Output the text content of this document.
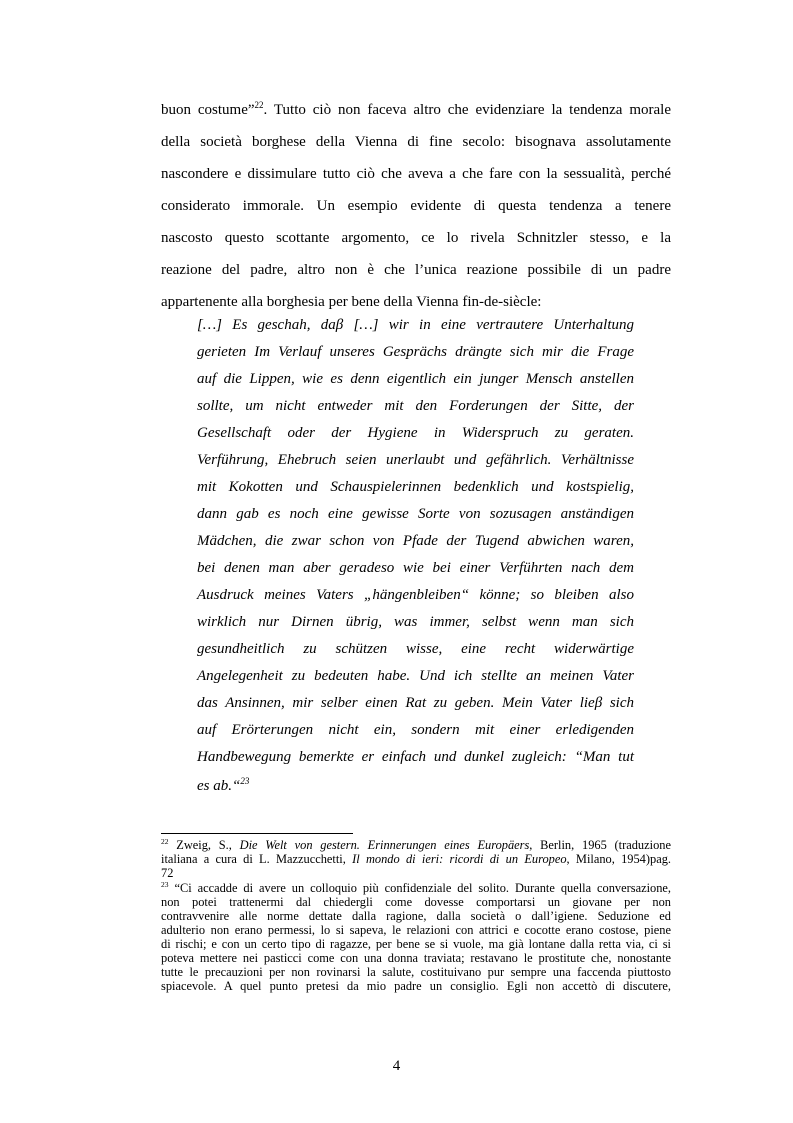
buon costume”$^{22}$. Tutto ciò non faceva altro che evidenziare la tendenza morale
della società borghese della Vienna di fine secolo: bisognava assolutamente
nascondere e dissimulare tutto ciò che aveva a che fare con la sessualità, perché
considerato immorale. Un esempio evidente di questa tendenza a tenere
nascosto questo scottante argomento, ce lo rivela Schnitzler stesso, e la
reazione del padre, altro non è che l’unica reazione possibile di un padre
appartenente alla borghesia per bene della Vienna fin-de-siècle:
[…] Es geschah, daβ […] wir in eine vertrautere Unterhaltung
gerieten Im Verlauf unseres Gesprächs drängte sich mir die Frage
auf die Lippen, wie es denn eigentlich ein junger Mensch anstellen
sollte, um nicht entweder mit den Forderungen der Sitte, der
Gesellschaft oder der Hygiene in Widerspruch zu geraten.
Verführung, Ehebruch seien unerlaubt und gefährlich. Verhältnisse
mit Kokotten und Schauspielerinnen bedenklich und kostspielig,
dann gab es noch eine gewisse Sorte von sozusagen anständigen
Mädchen, die zwar schon von Pfade der Tugend abwichen waren,
bei denen man aber geradeso wie bei einer Verführten nach dem
Ausdruck meines Vaters „hängenbleiben“ könne; so bleiben also
wirklich nur Dirnen übrig, was immer, selbst wenn man sich
gesundheitlich zu schützen wisse, eine recht widerwärtige
Angelegenheit zu bedeuten habe. Und ich stellte an meinen Vater
das Ansinnen, mir selber einen Rat zu geben. Mein Vater lieβ sich
auf Erörterungen nicht ein, sondern mit einer erledigenden
Handbewegung bemerkte er einfach und dunkel zugleich: “Man tut
es ab.“$^{23}$
$^{22}$ Zweig, S., Die Welt von gestern. Erinnerungen eines Europäers, Berlin, 1965 (traduzione
italiana a cura di L. Mazzucchetti, Il mondo di ieri: ricordi di un Europeo, Milano, 1954)pag.
72
$^{23}$ “Ci accadde di avere un colloquio più confidenziale del solito. Durante quella conversazione,
non potei trattenermi dal chiedergli come dovesse comportarsi un giovane per non
contravvenire alle norme dettate dalla ragione, dalla società o dall’igiene. Seduzione ed
adulterio non erano permessi, lo si sapeva, le relazioni con attrici e cocotte erano costose, piene
di rischi; e con un certo tipo di ragazze, per bene se si vuole, ma già lontane dalla retta via, ci si
poteva mettere nei pasticci come con una donna traviata; restavano le prostitute che, nonostante
tutte le precauzioni per non rovinarsi la salute, costituivano pur sempre una faccenda piuttosto
spiacevole. A quel punto pretesi da mio padre un consiglio. Egli non accettò di discutere,
4
